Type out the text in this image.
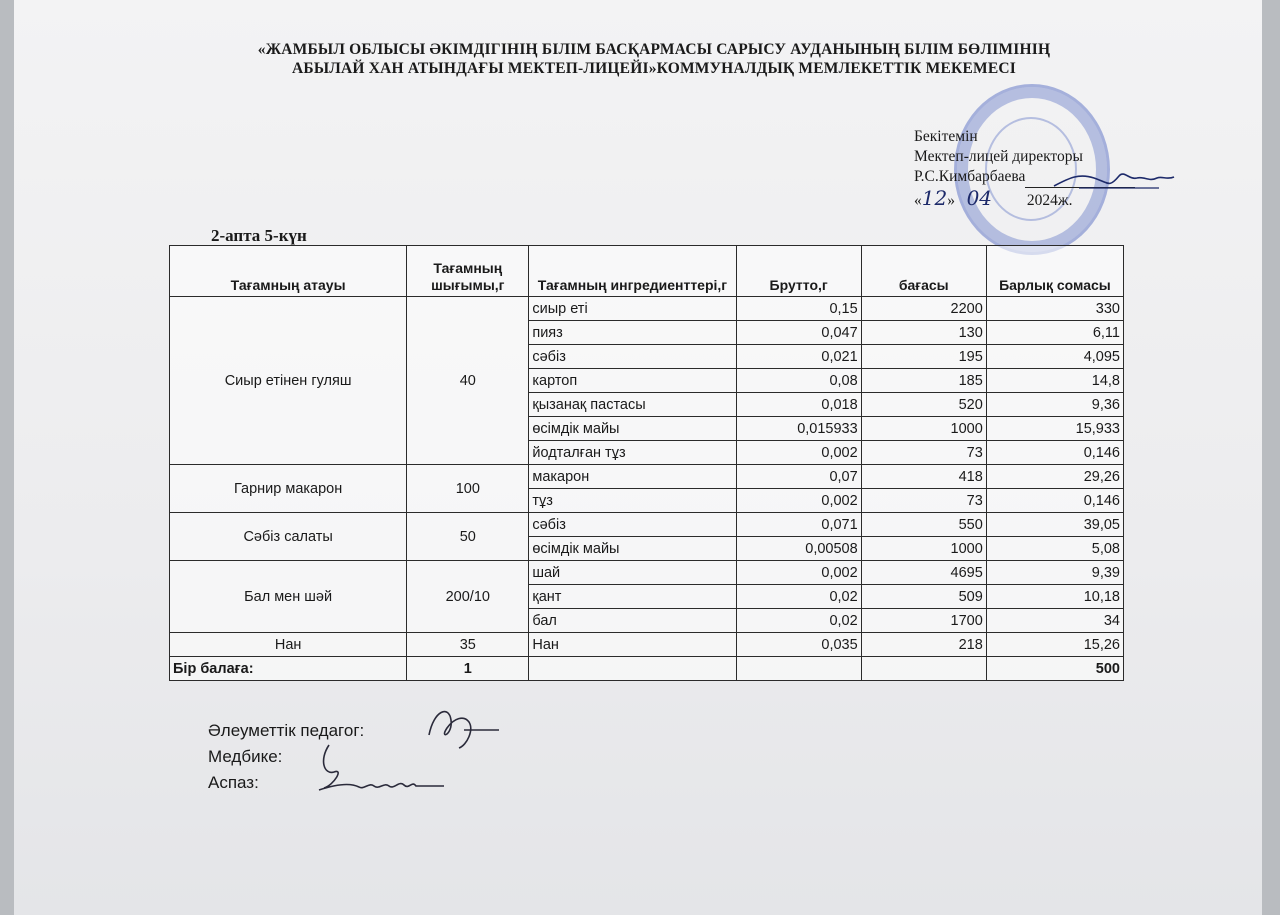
«ЖАМБЫЛ ОБЛЫСЫ ӘКІМДІГІНІҢ БІЛІМ БАСҚАРМАСЫ САРЫСУ АУДАНЫНЫҢ БІЛІМ БӨЛІМІНІҢ
АБЫЛАЙ ХАН АТЫНДАҒЫ МЕКТЕП-ЛИЦЕЙІ»КОММУНАЛДЫҚ МЕМЛЕКЕТТІК МЕКЕМЕСІ
Бекітемін
Мектеп-лицей директоры
Р.С.Кимбарбаева
«12» 04 2024ж.
2-апта 5-күн
Тағамның атауы	Тағамның шығымы,г	Тағамның ингредиенттері,г	Брутто,г	бағасы	Барлық сомасы
Сиыр етінен гуляш	40	сиыр еті	0,15	2200	330
		пияз	0,047	130	6,11
		сәбіз	0,021	195	4,095
		картоп	0,08	185	14,8
		қызанақ пастасы	0,018	520	9,36
		өсімдік майы	0,015933	1000	15,933
		йодталған тұз	0,002	73	0,146
Гарнир макарон	100	макарон	0,07	418	29,26
		тұз	0,002	73	0,146
Сәбіз салаты	50	сәбіз	0,071	550	39,05
		өсімдік майы	0,00508	1000	5,08
Бал мен шәй	200/10	шай	0,002	4695	9,39
		қант	0,02	509	10,18
		бал	0,02	1700	34
Нан	35	Нан	0,035	218	15,26
Бір балаға:	1				500
Әлеуметтік педагог:
Медбике:
Аспаз:
